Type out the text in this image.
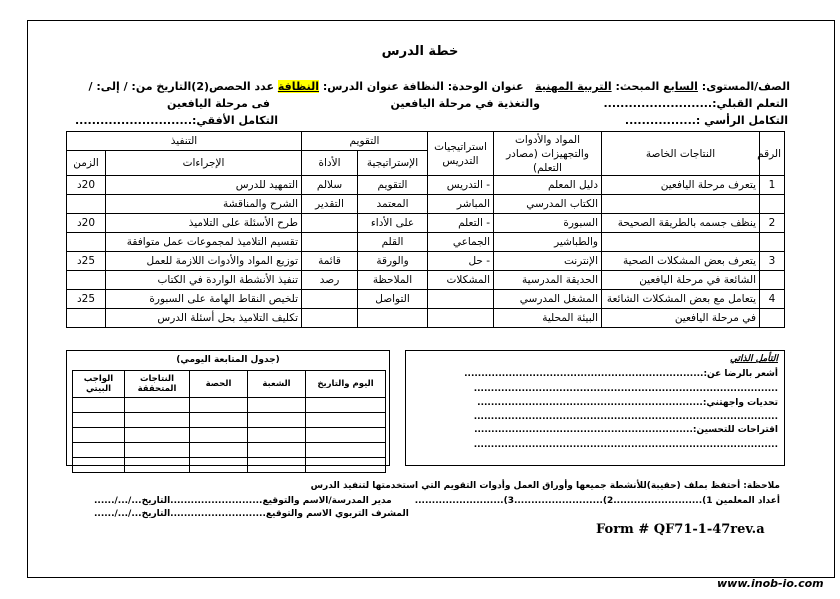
خطة الدرس
الصف/المستوى: السابع المبحث: التربية المهنية   عنوان الوحدة: النظافة عنوان الدرس: النظافة عدد الحصص(2)التاريخ من: / إلى: /
التعلم القبلي:..........................
والتغذية في مرحلة اليافعين
فى مرحلة اليافعين
التكامل الرأسي :.................
التكامل الأفقي:............................
الرقم	النتاجات الخاصة	المواد والأدوات والتجهيزات (مصادر التعلم)	استراتيجيات التدريس	التقويم		التنفيذ	
				الإستراتيجية	الأداة	الإجراءات	الزمن
1	يتعرف مرحلة اليافعين	دليل المعلم	- التدريس	التقويم	سلالم	التمهيد للدرس	20د
		الكتاب المدرسي	المباشر	المعتمد	التقدير	الشرح والمناقشة	
2	ينظف جسمه بالطريقة الصحيحة	السبورة	- التعلم	على الأداء		طرح الأسئلة على التلاميذ	20د
		والطباشير	الجماعي	القلم		تقسيم التلاميذ لمجموعات عمل متوافقة	
3	يتعرف بعض المشكلات الصحية	الإنترنت	- حل	والورقة	قائمة	توزيع المواد والأدوات اللازمة للعمل	25د
	الشائعة في مرحلة اليافعين	الحديقة المدرسية	المشكلات	الملاحظة	رصد	تنفيذ الأنشطة الواردة في الكتاب	
4	يتعامل مع بعض المشكلات الشائعة	المشغل المدرسي		التواصل		تلخيص النقاط الهامة على السبورة	25د
	في مرحلة اليافعين	البيئة المحلية				تكليف التلاميذ بحل أسئلة الدرس	
(جدول المتابعة اليومي)
اليوم والتاريخ	الشعبة	الحصة	النتاجات المتحققة	الواجب البيتي

التأمل الذاتي
أشعر بالرضا عن:......................................................................
تحديات واجهتني:..................................................................
اقتراحات للتحسين:................................................................
.........................................................................................
.........................................................................................
.........................................................................................
ملاحظة: أحتفظ بملف (حقيبة)للأنشطة جميعها وأوراق العمل وأدوات التقويم التي استخدمتها لتنفيذ الدرس
أعداد المعلمين 1)..........................2)..........................3)..........................
مدير المدرسة/الاسم والتوقيع...........................التاريخ.../.../......
المشرف التربوي الاسم والتوقيع............................التاريخ.../.../......
Form # QF71-1-47rev.a
www.inob-io.com
